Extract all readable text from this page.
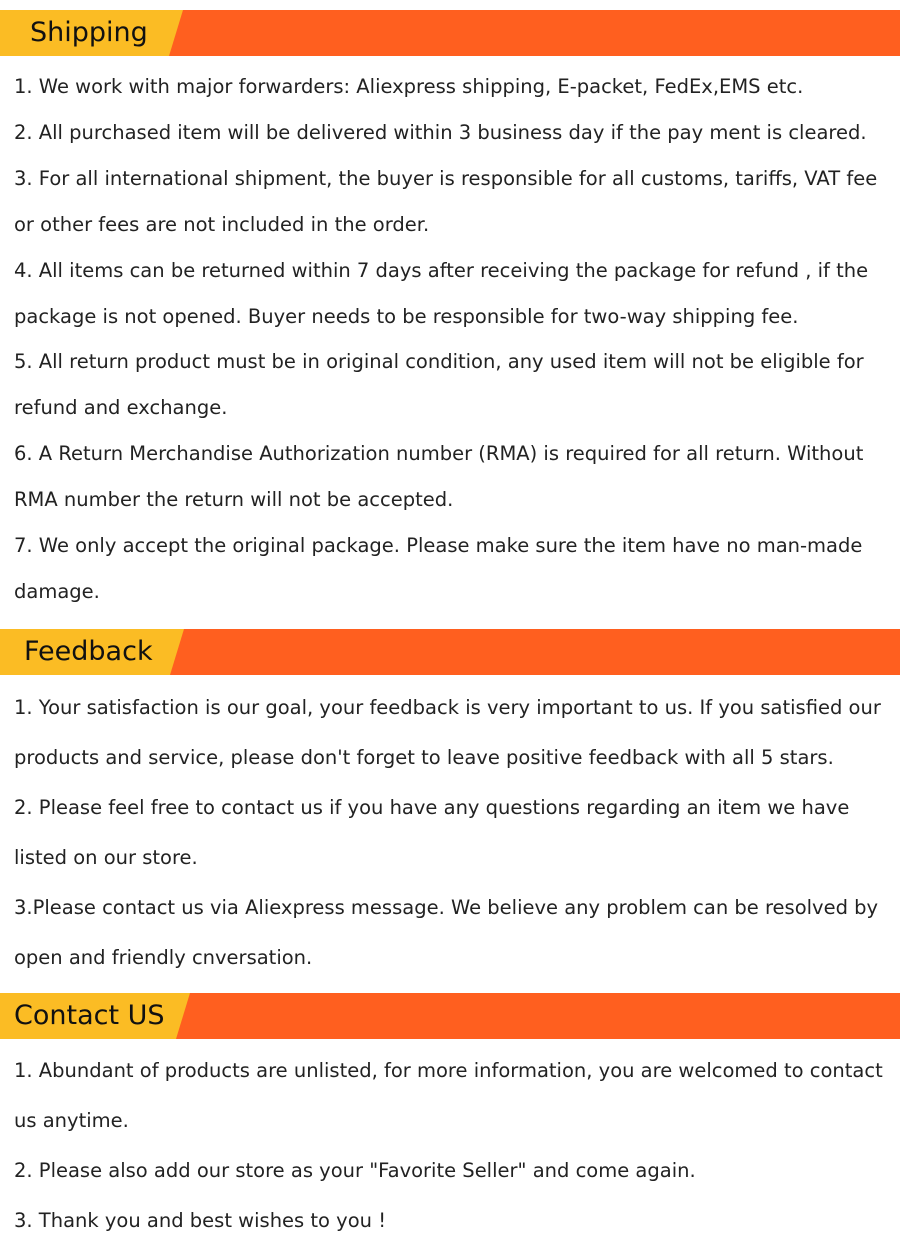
Shipping
1. We work with major forwarders: Aliexpress shipping, E-packet, FedEx,EMS etc.
2. All purchased item will be delivered within 3 business day if the pay ment is cleared.
3. For all international shipment, the buyer is responsible for all customs, tariffs, VAT fee
or other fees are not included in the order.
4. All items can be returned within 7 days after receiving the package for refund , if the
package is not opened. Buyer needs to be responsible for two-way shipping fee.
5. All return product must be in original condition, any used item will not be eligible for
refund and exchange.
6. A Return Merchandise Authorization number (RMA) is required for all return. Without
RMA number the return will not be accepted.
7. We only accept the original package. Please make sure the item have no man-made
damage.
Feedback
1. Your satisfaction is our goal, your feedback is very important to us. If you satisfied our
products and service, please don't forget to leave positive feedback with all 5 stars.
2. Please feel free to contact us if you have any questions regarding an item we have
listed on our store.
3.Please contact us via Aliexpress message. We believe any problem can be resolved by
open and friendly cnversation.
Contact US
1. Abundant of products are unlisted, for more information, you are welcomed to contact
us anytime.
2. Please also add our store as your "Favorite Seller" and come again.
3. Thank you and best wishes to you !
